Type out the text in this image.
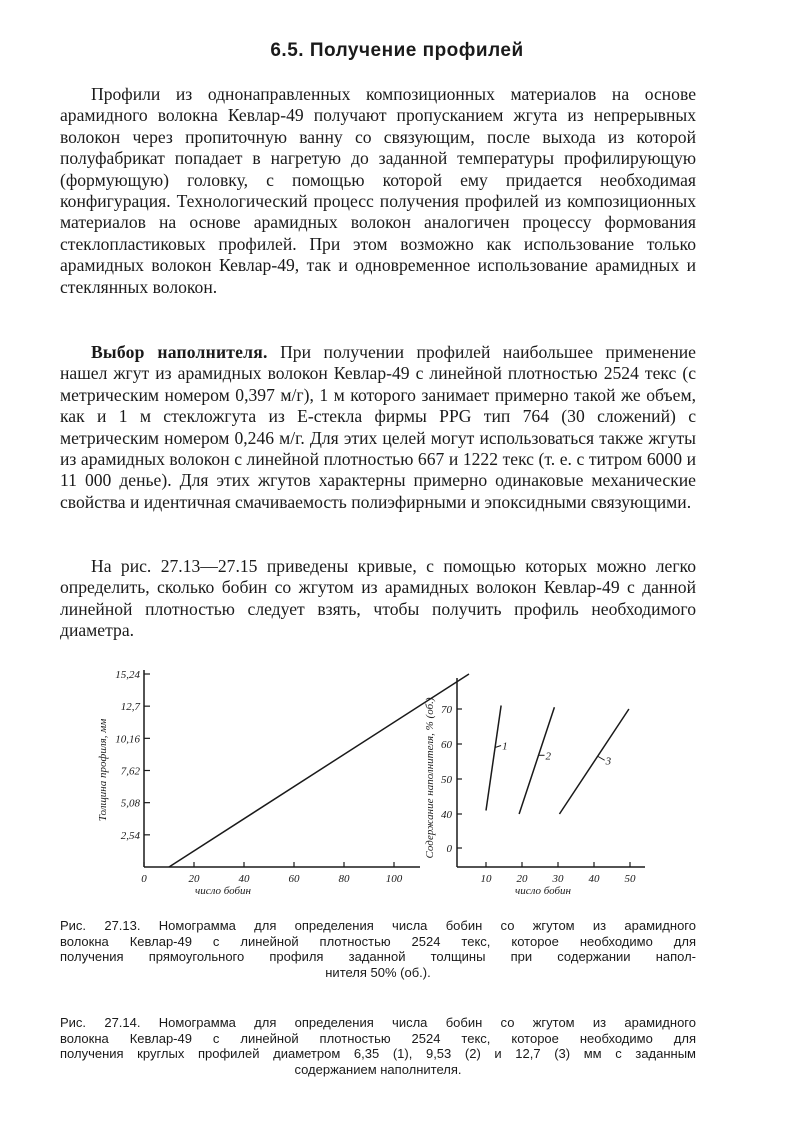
6.5. Получение профилей

Профили из однонаправленных композиционных материалов на основе арамидного волокна Кевлар-49 получают пропусканием жгута из непрерывных волокон через пропиточную ванну со связующим, после выхода из которой полуфабрикат попадает в нагретую до заданной температуры профилирующую (формующую) головку, с помощью которой ему придается необходимая конфигурация. Технологический процесс получения профилей из композиционных материалов на основе арамидных волокон аналогичен процессу формования стеклопластиковых профилей. При этом возможно как использование только арамидных волокон Кевлар-49, так и одновременное использование арамидных и стеклянных волокон.

Выбор наполнителя. При получении профилей наибольшее применение нашел жгут из арамидных волокон Кевлар-49 с линейной плотностью 2524 текс (с метрическим номером 0,397 м/г), 1 м которого занимает примерно такой же объем, как и 1 м стекложгута из Е-стекла фирмы PPG тип 764 (30 сложений) с метрическим номером 0,246 м/г. Для этих целей могут использоваться также жгуты из арамидных волокон с линейной плотностью 667 и 1222 текс (т. е. с титром 6000 и 11 000 денье). Для этих жгутов характерны примерно одинаковые механические свойства и идентичная смачиваемость полиэфирными и эпоксидными связующими.

На рис. 27.13—27.15 приведены кривые, с помощью которых можно легко определить, сколько бобин со жгутом из арамидных волокон Кевлар-49 с данной линейной плотностью следует взять, чтобы получить профиль необходимого диаметра.

0	20	40	60	80	100
2,54
5,08
7,62
10,16
12,7
15,24
Толщина профиля, мм
число бобин
10 20 30 40 50
0
40
50
60
70
1
2	3
Содержание наполнителя, % (об.)
число бобин
Рис. 27.13. Номограмма для определения числа бобин со жгутом из арамидного
волокна Кевлар-49 с линейной плотностью 2524 текс, которое необходимо для
получения прямоугольного профиля заданной толщины при содержании напол-
нителя 50% (об.).
Рис. 27.14. Номограмма для определения числа бобин со жгутом из арамидного
волокна Кевлар-49 с линейной плотностью 2524 текс, которое необходимо для
получения круглых профилей диаметром 6,35 (1), 9,53 (2) и 12,7 (3) мм с заданным
содержанием наполнителя.
